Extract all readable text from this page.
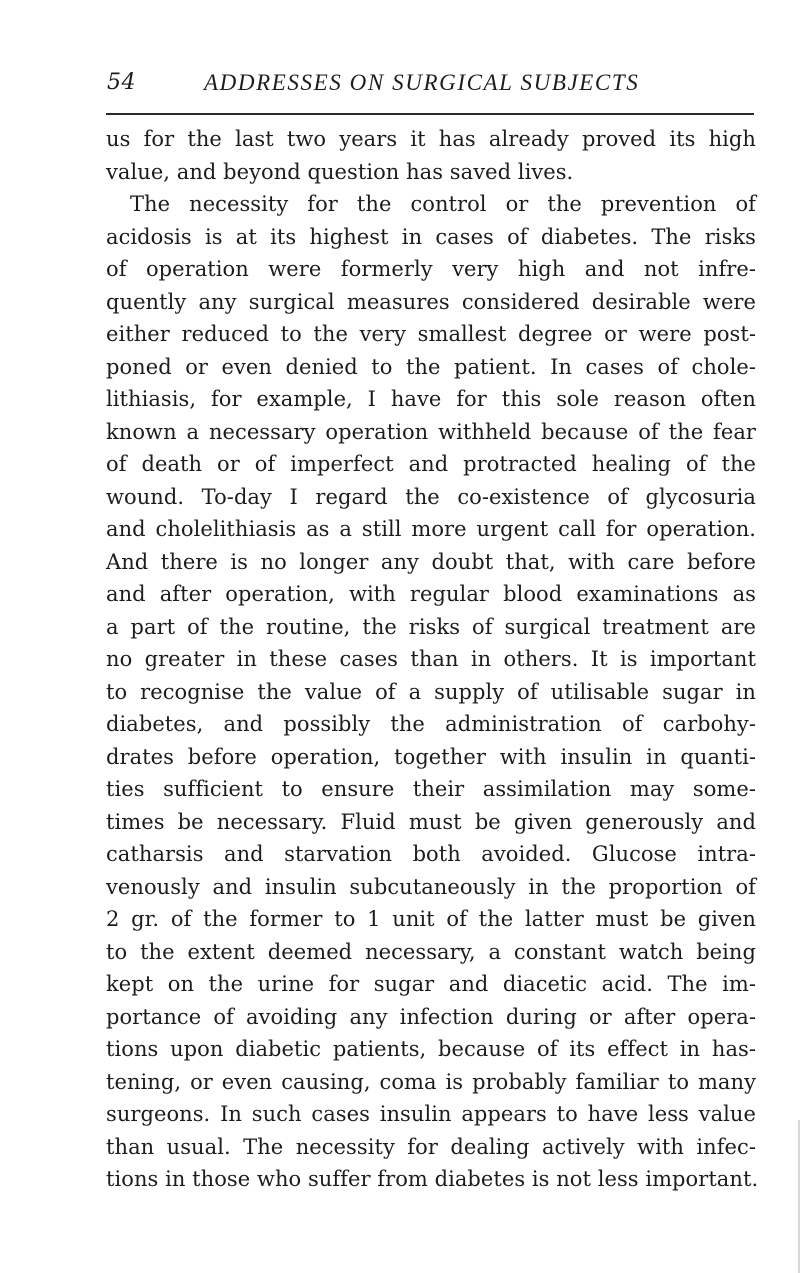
54	ADDRESSES ON SURGICAL SUBJECTS
us for the last two years it has already proved its high
value, and beyond question has saved lives.
The necessity for the control or the prevention of
acidosis is at its highest in cases of diabetes. The risks
of operation were formerly very high and not infre-
quently any surgical measures considered desirable were
either reduced to the very smallest degree or were post-
poned or even denied to the patient. In cases of chole-
lithiasis, for example, I have for this sole reason often
known a necessary operation withheld because of the fear
of death or of imperfect and protracted healing of the
wound. To-day I regard the co-existence of glycosuria
and cholelithiasis as a still more urgent call for operation.
And there is no longer any doubt that, with care before
and after operation, with regular blood examinations as
a part of the routine, the risks of surgical treatment are
no greater in these cases than in others. It is important
to recognise the value of a supply of utilisable sugar in
diabetes, and possibly the administration of carbohy-
drates before operation, together with insulin in quanti-
ties sufficient to ensure their assimilation may some-
times be necessary. Fluid must be given generously and
catharsis and starvation both avoided. Glucose intra-
venously and insulin subcutaneously in the proportion of
2 gr. of the former to 1 unit of the latter must be given
to the extent deemed necessary, a constant watch being
kept on the urine for sugar and diacetic acid. The im-
portance of avoiding any infection during or after opera-
tions upon diabetic patients, because of its effect in has-
tening, or even causing, coma is probably familiar to many
surgeons. In such cases insulin appears to have less value
than usual. The necessity for dealing actively with infec-
tions in those who suffer from diabetes is not less important.
